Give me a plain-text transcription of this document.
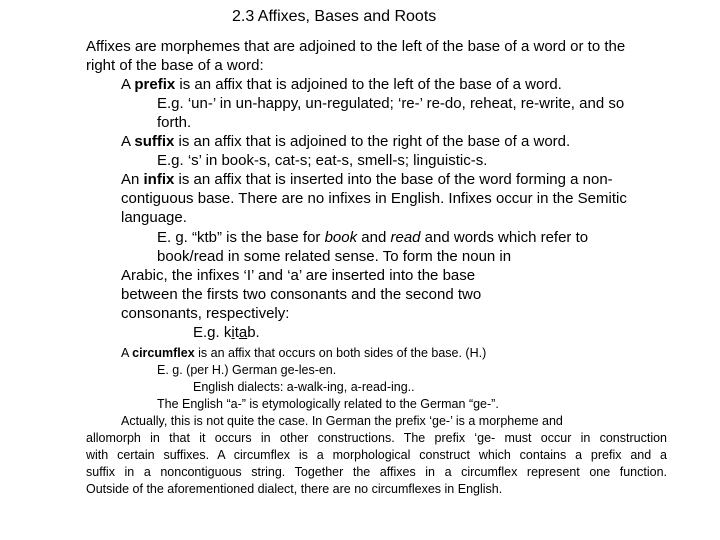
2.3 Affixes, Bases and Roots
Affixes are morphemes that are adjoined to the left of the base of a word or to the
right of the base of a word:
A prefix is an affix that is adjoined to the left of the base of a word.
E.g. ‘un-’ in un-happy, un-regulated; ‘re-’ re-do, reheat, re-write, and so
forth.
A suffix is an affix that is adjoined to the right of the base of a word.
E.g. ‘s’ in book-s, cat-s; eat-s, smell-s; linguistic-s.
An infix is an affix that is inserted into the base of the word forming a non-
contiguous base. There are no infixes in English. Infixes occur in the Semitic
language.
E. g. “ktb” is the base for book and read and words which refer to
book/read in some related sense. To form the noun in
Arabic, the infixes ‘I’ and ‘a’ are inserted into the base
between the firsts two consonants and the second two
consonants, respectively:
E.g. kitab.
A circumflex is an affix that occurs on both sides of the base. (H.)
E. g. (per H.) German ge-les-en.
English dialects: a-walk-ing, a-read-ing..
The English “a-” is etymologically related to the German “ge-”.
Actually, this is not quite the case. In German the prefix ‘ge-’ is a morpheme and
allomorph in that it occurs in other constructions. The prefix ‘ge- must occur in construction
with certain suffixes. A circumflex is a morphological construct which contains a prefix and a
suffix in a noncontiguous string. Together the affixes in a circumflex represent one function.
Outside of the aforementioned dialect, there are no circumflexes in English.
